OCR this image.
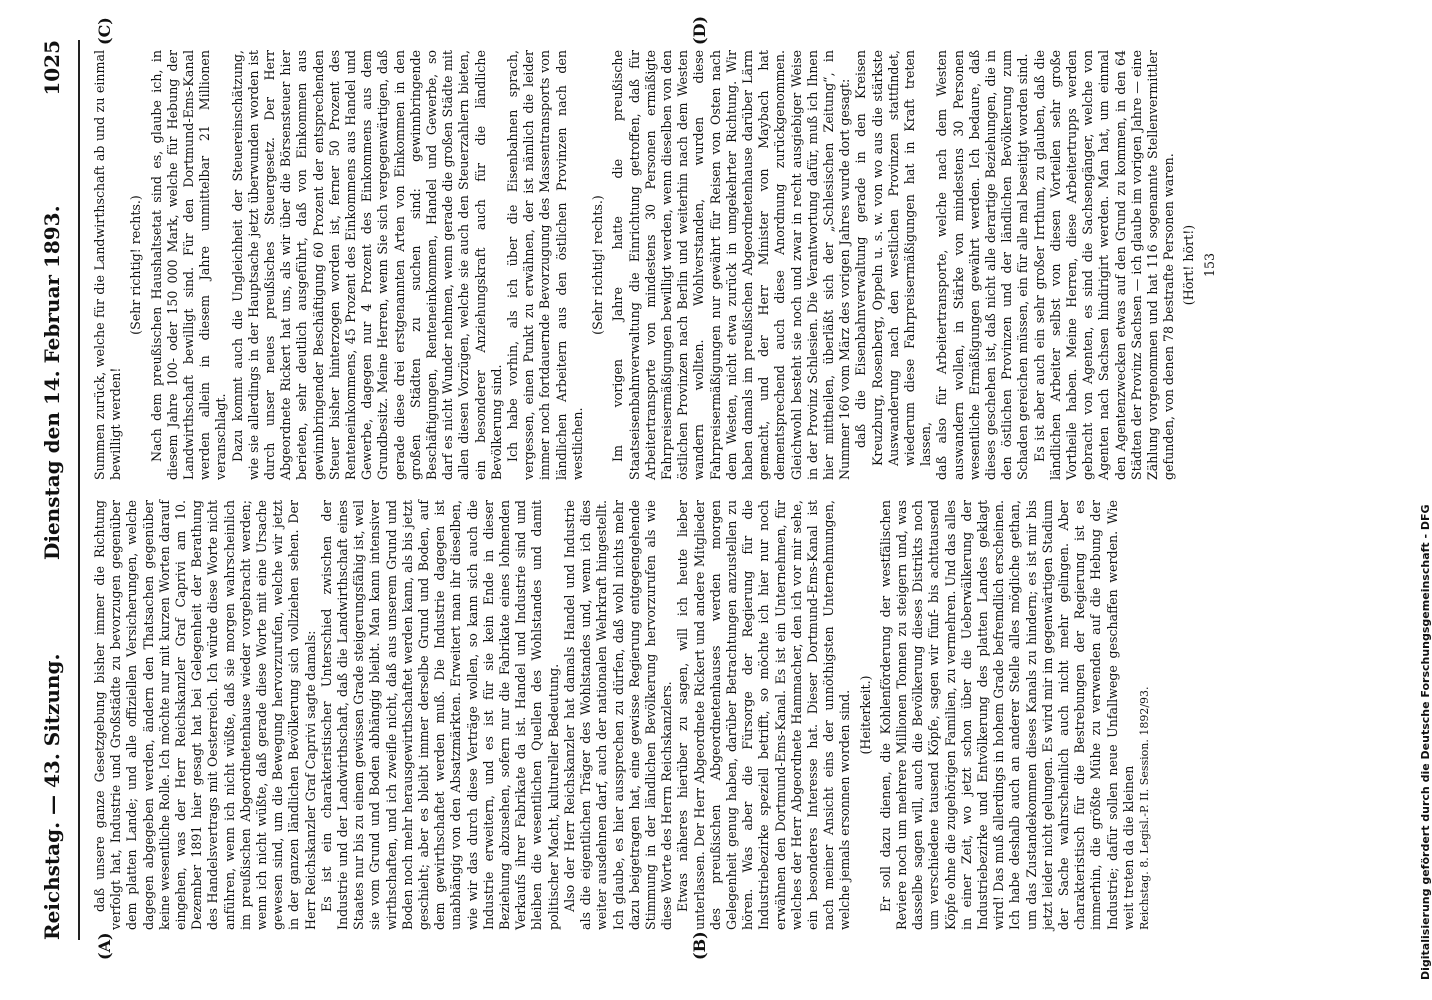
Reichstag. — 43. Sitzung.
Dienstag den 14. Februar 1893.
1025
(A)	(B)
(C)	(D)

daß unsere ganze Gesetzgebung bisher immer die Richtung verfolgt hat, Industrie und Großstädte zu bevorzugen gegenüber dem platten Lande; und alle offiziellen Versicherungen, welche dagegen abgegeben werden, ändern den Thatsachen gegenüber keine wesentliche Rolle. Ich möchte nur mit kurzen Worten darauf eingehen, was der Herr Reichskanzler Graf Caprivi am 10. Dezember 1891 hier gesagt hat bei Gelegenheit der Berathung des Handelsvertrags mit Oesterreich. Ich würde diese Worte nicht anführen, wenn ich nicht wüßte, daß sie morgen wahrscheinlich im preußischen Abgeordnetenhause wieder vorgebracht werden; wenn ich nicht wüßte, daß gerade diese Worte mit eine Ursache gewesen sind, um die Bewegung hervorzurufen, welche wir jetzt in der ganzen ländlichen Bevölkerung sich vollziehen sehen. Der Herr Reichskanzler Graf Caprivi sagte damals: Es ist ein charakteristischer Unterschied zwischen der Industrie und der Landwirthschaft, daß die Landwirthschaft eines Staates nur bis zu einem gewissen Grade steigerungsfähig ist, weil sie vom Grund und Boden abhängig bleibt. Man kann intensiver wirthschaften, und ich zweifle nicht, daß aus unserem Grund und Boden noch mehr herausgewirthschaftet werden kann, als bis jetzt geschieht; aber es bleibt immer derselbe Grund und Boden, auf dem gewirthschaftet werden muß. Die Industrie dagegen ist unabhängig von den Absatzmärkten. Erweitert man ihr dieselben, wie wir das durch diese Verträge wollen, so kann sich auch die Industrie erweitern, und es ist für sie kein Ende in dieser Beziehung abzusehen, sofern nur die Fabrikate eines lohnenden Verkaufs ihrer Fabrikate da ist. Handel und Industrie sind und bleiben die wesentlichen Quellen des Wohlstandes und damit politischer Macht, kultureller Bedeutung. Also der Herr Reichskanzler hat damals Handel und Industrie als die eigentlichen Träger des Wohlstandes und, wenn ich dies weiter ausdehnen darf, auch der nationalen Wehrkraft hingestellt. Ich glaube, es hier aussprechen zu dürfen, daß wohl nichts mehr dazu beigetragen hat, eine gewisse Regierung entgegengehende Stimmung in der ländlichen Bevölkerung hervorzurufen als wie diese Worte des Herrn Reichskanzlers. Etwas näheres hierüber zu sagen, will ich heute lieber unterlassen. Der Herr Abgeordnete Rickert und andere Mitglieder des preußischen Abgeordnetenhauses werden morgen Gelegenheit genug haben, darüber Betrachtungen anzustellen zu hören. Was aber die Fürsorge der Regierung für die Industriebezirke speziell betrifft, so möchte ich hier nur noch erwähnen den Dortmund-Ems-Kanal. Es ist ein Unternehmen, für welches der Herr Abgeordnete Hammacher, den ich vor mir sehe, ein besonderes Interesse hat. Dieser Dortmund-Ems-Kanal ist nach meiner Ansicht eins der unnöthigsten Unternehmungen, welche jemals ersonnen worden sind. (Heiterkeit.) Er soll dazu dienen, die Kohlenförderung der westfälischen Reviere noch um mehrere Millionen Tonnen zu steigern und, was dasselbe sagen will, auch die Bevölkerung dieses Distrikts noch um verschiedene tausend Köpfe, sagen wir fünf- bis achttausend Köpfe ohne die zugehörigen Familien, zu vermehren. Und das alles in einer Zeit, wo jetzt schon über die Ueberwälkerung der Industriebezirke und Entvölkerung des platten Landes geklagt wird! Das muß allerdings in hohem Grade befremdlich erscheinen. Ich habe deshalb auch an anderer Stelle alles mögliche gethan, um das Zustandekommen dieses Kanals zu hindern; es ist mir bis jetzt leider nicht gelungen. Es wird mir im gegenwärtigen Stadium der Sache wahrscheinlich auch nicht mehr gelingen. Aber charakteristisch für die Bestrebungen der Regierung ist es immerhin, die größte Mühe zu verwenden auf die Hebung der Industrie; dafür sollen neue Unfallwege geschaffen werden. Wie weit treten da die kleinen Reichstag. 8. Legisl.-P. II. Session. 1892/93.

Summen zurück, welche für die Landwirthschaft ab und zu einmal bewilligt werden!

(Sehr richtig! rechts.) Nach dem preußischen Haushaltsetat sind es, glaube ich, in diesem Jahre 100- oder 150 000 Mark, welche für Hebung der Landwirthschaft bewilligt sind. Für den Dortmund-Ems-Kanal werden allein in diesem Jahre unmittelbar 21 Millionen veranschlagt. Dazu kommt auch die Ungleichheit der Steuereinschätzung, wie sie allerdings in der Hauptsache jetzt überwunden worden ist durch unser neues preußisches Steuergesetz. Der Herr Abgeordnete Rickert hat uns, als wir über die Börsensteuer hier berieten, sehr deutlich ausgeführt, daß von Einkommen aus gewinnbringender Beschäftigung 60 Prozent der entsprechenden Steuer bisher hinterzogen worden ist, ferner 50 Prozent des Renteneinkommens, 45 Prozent des Einkommens aus Handel und Gewerbe, dagegen nur 4 Prozent des Einkommens aus dem Grundbesitz. Meine Herren, wenn Sie sich vergegenwärtigen, daß gerade diese drei erstgenannten Arten von Einkommen in den großen Städten zu suchen sind: gewinnbringende Beschäftigungen, Renteneinkommen, Handel und Gewerbe, so darf es nicht Wunder nehmen, wenn gerade die großen Städte mit allen diesen Vorzügen, welche sie auch den Steuerzahlern bieten, ein besonderer Anziehungskraft auch für die ländliche Bevölkerung sind. Ich habe vorhin, als ich über die Eisenbahnen sprach, vergessen, einen Punkt zu erwähnen, der ist nämlich die leider immer noch fortdauernde Bevorzugung des Massentransports von ländlichen Arbeitern aus den östlichen Provinzen nach den westlichen.

(Sehr richtig! rechts.) Im vorigen Jahre hatte die preußische Staatseisenbahnverwaltung die Einrichtung getroffen, daß für Arbeitertransporte von mindestens 30 Personen ermäßigte Fahrpreisermäßigungen bewilligt werden, wenn dieselben von den östlichen Provinzen nach Berlin und weiterhin nach dem Westen wandern wollten. Wohlverstanden, wurden diese Fahrpreisermäßigungen nur gewährt für Reisen von Osten nach dem Westen, nicht etwa zurück in umgekehrter Richtung. Wir haben damals im preußischen Abgeordnetenhause darüber Lärm gemacht, und der Herr Minister von Maybach hat dementsprechend auch diese Anordnung zurückgenommen. Gleichwohl besteht sie noch und zwar in recht ausgiebiger Weise in der Provinz Schlesien. Die Verantwortung dafür, muß ich Ihnen hier mittheilen, überläßt sich der „Schlesischen Zeitung“, in Nummer 160 vom März des vorigen Jahres wurde dort gesagt: daß die Eisenbahnverwaltung gerade in den Kreisen Kreuzburg, Rosenberg, Oppeln u. s. w. von wo aus die stärkste Auswanderung nach den westlichen Provinzen stattfindet, wiederum diese Fahrpreisermäßigungen hat in Kraft treten lassen, daß also für Arbeitertransporte, welche nach dem Westen auswandern wollen, in Stärke von mindestens 30 Personen wesentliche Ermäßigungen gewährt werden. Ich bedaure, daß dieses geschehen ist, daß nicht alle derartige Beziehungen, die in den östlichen Provinzen und der ländlichen Bevölkerung zum Schaden gereichen müssen, ein für alle mal beseitigt worden sind. Es ist aber auch ein sehr großer Irrthum, zu glauben, daß die ländlichen Arbeiter selbst von diesen Vorteilen sehr große Vortheile haben. Meine Herren, diese Arbeitertrupps werden gebracht von Agenten, es sind die Sachsengänger, welche von Agenten nach Sachsen hindirigirt werden. Man hat, um einmal den Agentenzwecken etwas auf den Grund zu kommen, in den 64 Städten der Provinz Sachsen — ich glaube im vorigen Jahre — eine Zählung vorgenommen und hat 116 sogenannte Stellenvermittler gefunden, von denen 78 bestrafte Personen waren. (Hört! hört!) 153

Digitalisierung gefördert durch die Deutsche Forschungsgemeinschaft - DFG
